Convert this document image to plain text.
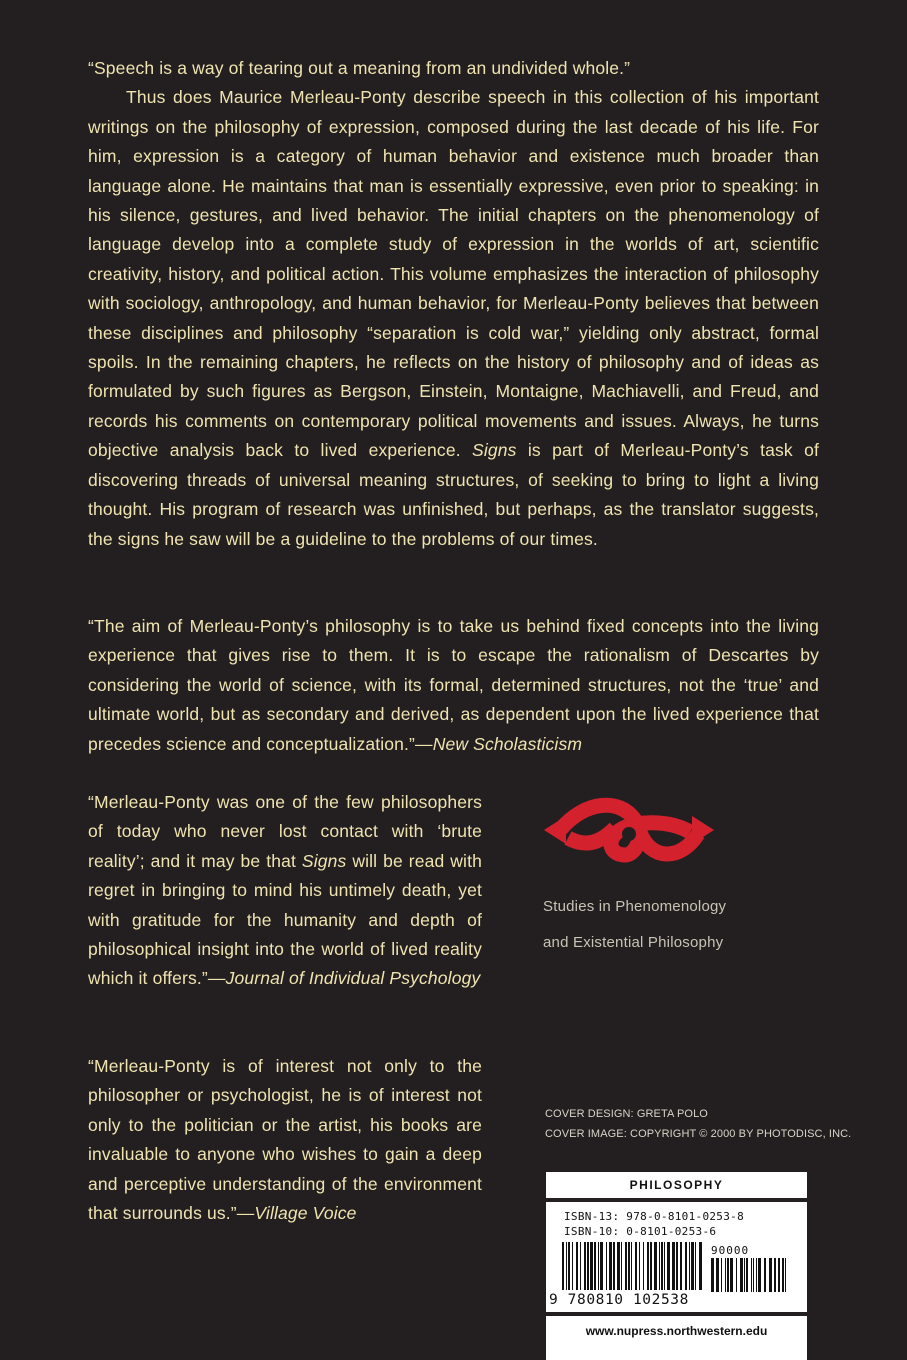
“Speech is a way of tearing out a meaning from an undivided whole.”

Thus does Maurice Merleau-Ponty describe speech in this collection of his important writings on the philosophy of expression, composed during the last decade of his life. For him, expression is a category of human behavior and existence much broader than language alone. He maintains that man is essentially expressive, even prior to speaking: in his silence, gestures, and lived behavior. The initial chapters on the phenomenology of language develop into a complete study of expression in the worlds of art, scientific creativity, history, and political action. This volume emphasizes the interaction of philosophy with sociology, anthropology, and human behavior, for Merleau-Ponty believes that between these disciplines and philosophy “separation is cold war,” yielding only abstract, formal spoils. In the remaining chapters, he reflects on the history of philosophy and of ideas as formulated by such figures as Bergson, Einstein, Montaigne, Machiavelli, and Freud, and records his comments on contemporary political movements and issues. Always, he turns objective analysis back to lived experience. Signs is part of Merleau-Ponty’s task of discovering threads of universal meaning structures, of seeking to bring to light a living thought. His program of research was unfinished, but perhaps, as the translator suggests, the signs he saw will be a guideline to the problems of our times.

“The aim of Merleau-Ponty’s philosophy is to take us behind fixed concepts into the living experience that gives rise to them. It is to escape the rationalism of Descartes by considering the world of science, with its formal, determined structures, not the ‘true’ and ultimate world, but as secondary and derived, as dependent upon the lived experience that precedes science and conceptualization.”—New Scholasticism

“Merleau-Ponty was one of the few philosophers of today who never lost contact with ‘brute reality’; and it may be that Signs will be read with regret in bringing to mind his untimely death, yet with gratitude for the humanity and depth of philosophical insight into the world of lived reality which it offers.”—Journal of Individual Psychology

“Merleau-Ponty is of interest not only to the philosopher or psychologist, he is of interest not only to the politician or the artist, his books are invaluable to anyone who wishes to gain a deep and perceptive understanding of the environment that surrounds us.”—Village Voice

Studies in Phenomenology
and Existential Philosophy
COVER DESIGN: GRETA POLO
COVER IMAGE: COPYRIGHT © 2000 BY PHOTODISC, INC.
PHILOSOPHY
ISBN-13: 978-0-8101-0253-8
ISBN-10: 0-8101-0253-6
90000
9 780810 102538
www.nupress.northwestern.edu
